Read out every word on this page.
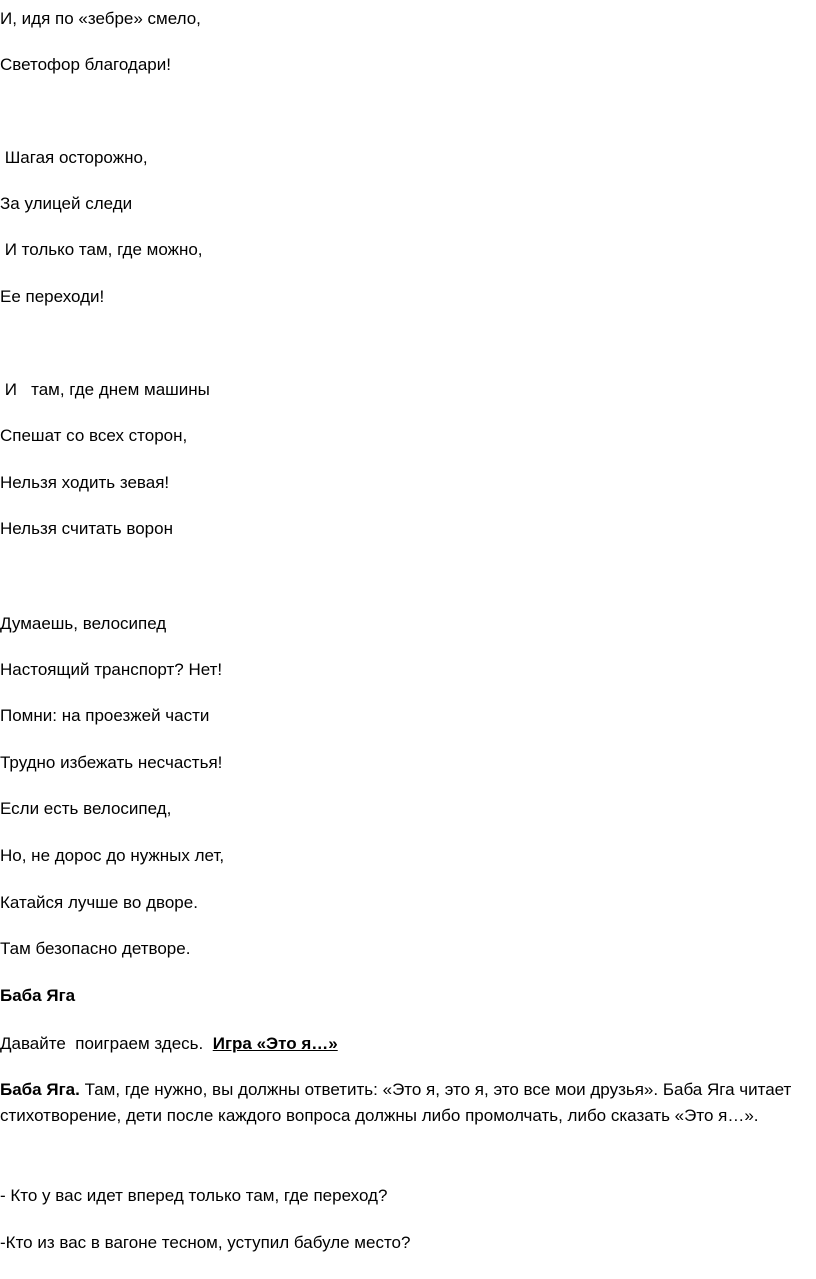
И, идя по «зебре» смело,

Светофор благодари!

Шагая осторожно,

За улицей следи

И только там, где можно,

Ее переходи!

И   там, где днем машины

Спешат со всех сторон,

Нельзя ходить зевая!

Нельзя считать ворон

Думаешь, велосипед

Настоящий транспорт? Нет!

Помни: на проезжей части

Трудно избежать несчастья!

Если есть велосипед,

Но, не дорос до нужных лет,

Катайся лучше во дворе.

Там безопасно детворе.

Баба Яга

Давайте  поиграем здесь.  Игра «Это я…»

Баба Яга. Там, где нужно, вы должны ответить: «Это я, это я, это все мои друзья». Баба Яга читает стихотворение, дети после каждого вопроса должны либо промолчать, либо сказать «Это я…».

- Кто у вас идет вперед только там, где переход?

-Кто из вас в вагоне тесном, уступил бабуле место?
